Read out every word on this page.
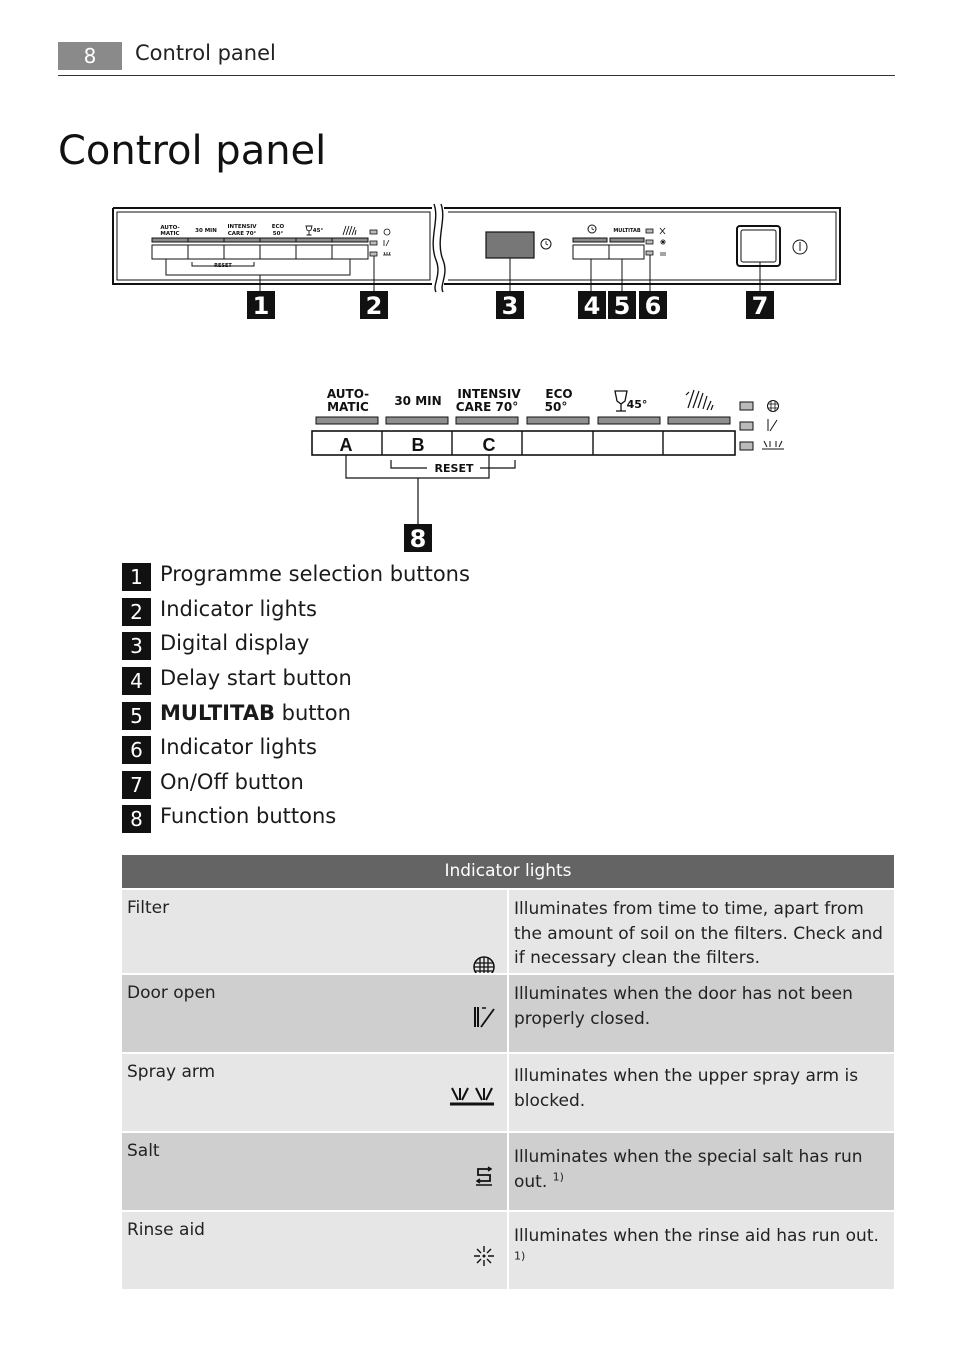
8	Control panel
Control panel
AUTO-
MATIC	30 MIN
INTENSIV
CARE 70°
ECO
50°	45°
RESET
MULTITAB
1	2	3	4 5 6	7
AUTO-
MATIC 30 MIN INTENSIV
CARE 70°
ECO
50°	45°
A	B	C
RESET
8
1 Programme selection buttons
2 Indicator lights
3 Digital display
4 Delay start button
5 MULTITAB button
6 Indicator lights
7 On/Off button
8 Function buttons
Indicator lights
Filter	Illuminates from time to time, apart from the amount of soil on the filters. Check and if necessary clean the filters.
Door open	Illuminates when the door has not been properly closed.
Spray arm	Illuminates when the upper spray arm is blocked.
Salt	Illuminates when the special salt has run out. $^{1)}$
Rinse aid	Illuminates when the rinse aid has run out. $^{1)}$
